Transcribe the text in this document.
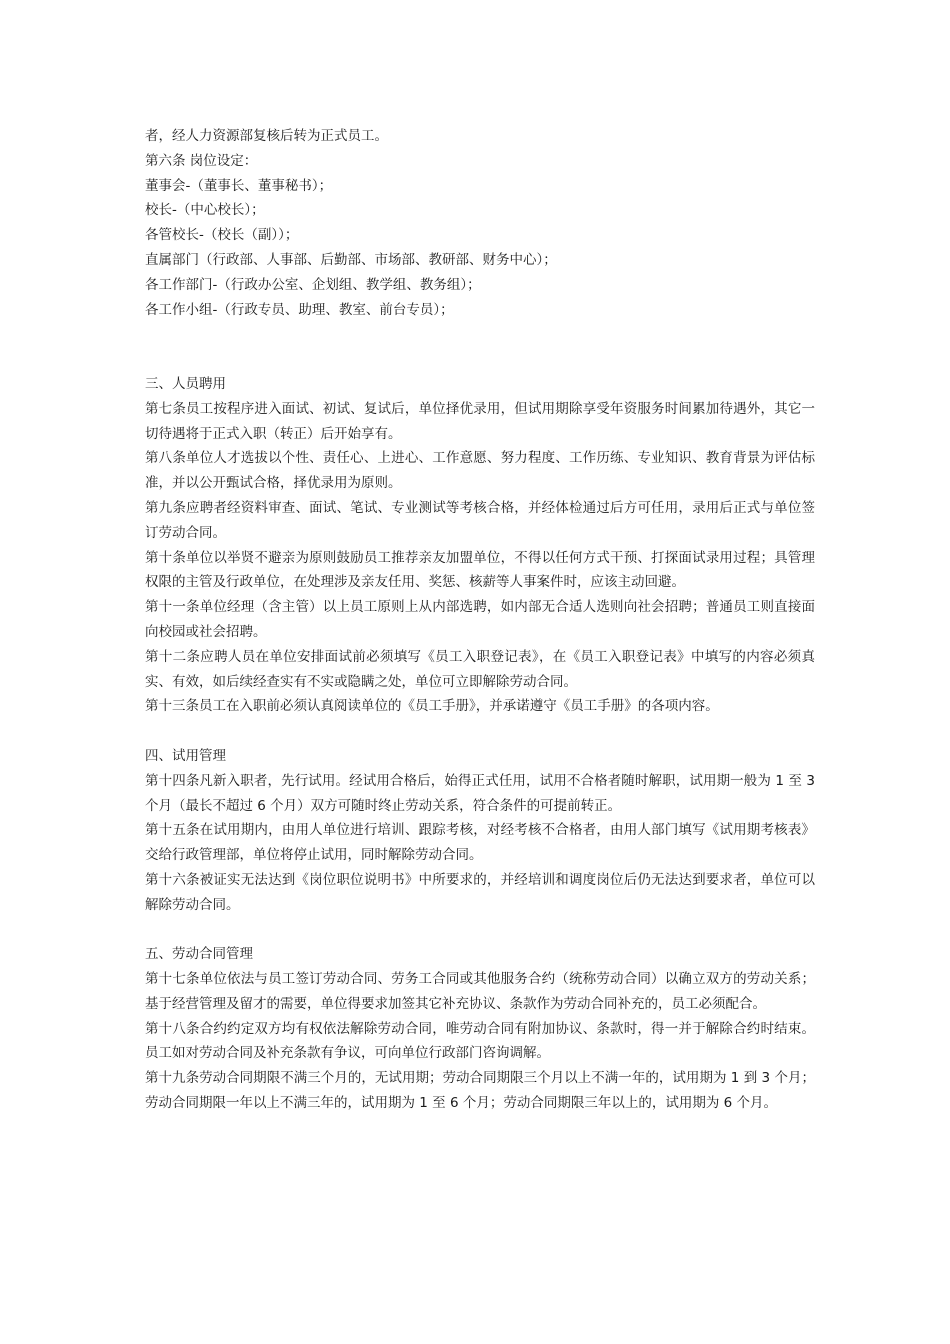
者，经人力资源部复核后转为正式员工。
第六条 岗位设定：
董事会-（董事长、董事秘书）；
校长-（中心校长）；
各管校长-（校长（副））；
直属部门（行政部、人事部、后勤部、市场部、教研部、财务中心）；
各工作部门-（行政办公室、企划组、教学组、教务组）；
各工作小组-（行政专员、助理、教室、前台专员）；
三、人员聘用
第七条员工按程序进入面试、初试、复试后，单位择优录用，但试用期除享受年资服务时间累加待遇外，其它一切待遇将于正式入职（转正）后开始享有。
第八条单位人才选拔以个性、责任心、上进心、工作意愿、努力程度、工作历练、专业知识、教育背景为评估标准，并以公开甄试合格，择优录用为原则。
第九条应聘者经资料审查、面试、笔试、专业测试等考核合格，并经体检通过后方可任用，录用后正式与单位签订劳动合同。
第十条单位以举贤不避亲为原则鼓励员工推荐亲友加盟单位，不得以任何方式干预、打探面试录用过程；具管理权限的主管及行政单位，在处理涉及亲友任用、奖惩、核薪等人事案件时，应该主动回避。
第十一条单位经理（含主管）以上员工原则上从内部选聘，如内部无合适人选则向社会招聘；普通员工则直接面向校园或社会招聘。
第十二条应聘人员在单位安排面试前必须填写《员工入职登记表》，在《员工入职登记表》中填写的内容必须真实、有效，如后续经查实有不实或隐瞒之处，单位可立即解除劳动合同。
第十三条员工在入职前必须认真阅读单位的《员工手册》，并承诺遵守《员工手册》的各项内容。
四、试用管理
第十四条凡新入职者，先行试用。经试用合格后，始得正式任用，试用不合格者随时解职，试用期一般为 1 至 3 个月（最长不超过 6 个月）双方可随时终止劳动关系，符合条件的可提前转正。
第十五条在试用期内，由用人单位进行培训、跟踪考核，对经考核不合格者，由用人部门填写《试用期考核表》交给行政管理部，单位将停止试用，同时解除劳动合同。
第十六条被证实无法达到《岗位职位说明书》中所要求的，并经培训和调度岗位后仍无法达到要求者，单位可以解除劳动合同。
五、劳动合同管理
第十七条单位依法与员工签订劳动合同、劳务工合同或其他服务合约（统称劳动合同）以确立双方的劳动关系；基于经营管理及留才的需要，单位得要求加签其它补充协议、条款作为劳动合同补充的，员工必须配合。
第十八条合约约定双方均有权依法解除劳动合同，唯劳动合同有附加协议、条款时，得一并于解除合约时结束。员工如对劳动合同及补充条款有争议，可向单位行政部门咨询调解。
第十九条劳动合同期限不满三个月的，无试用期；劳动合同期限三个月以上不满一年的，试用期为 1 到 3 个月；劳动合同期限一年以上不满三年的，试用期为 1 至 6 个月；劳动合同期限三年以上的，试用期为 6 个月。
